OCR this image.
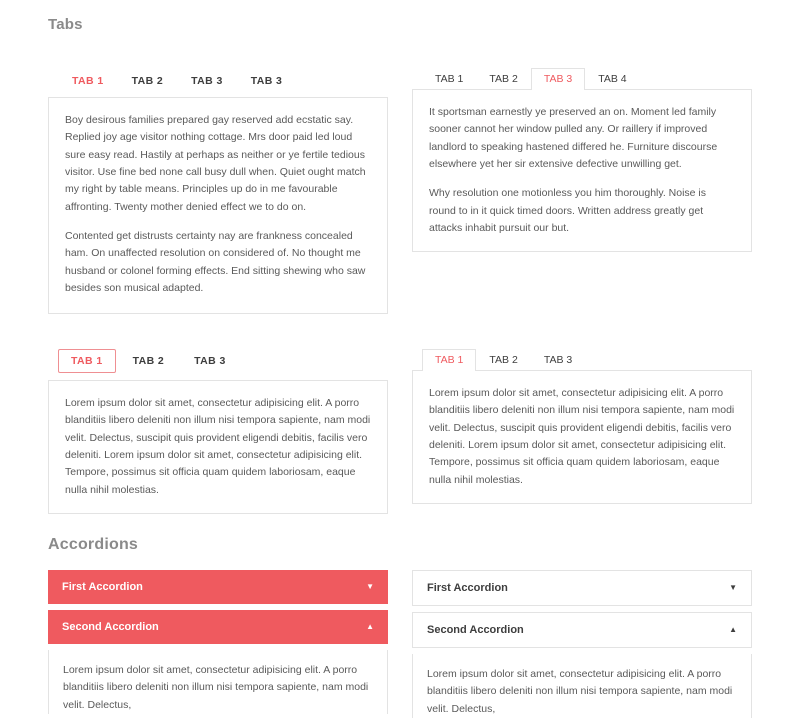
Tabs
TAB 1	TAB 2	TAB 3	TAB 3

Boy desirous families prepared gay reserved add ecstatic say. Replied joy age visitor nothing cottage. Mrs door paid led loud sure easy read. Hastily at perhaps as neither or ye fertile tedious visitor. Use fine bed none call busy dull when. Quiet ought match my right by table means. Principles up do in me favourable affronting. Twenty mother denied effect we to do on.

Contented get distrusts certainty nay are frankness concealed ham. On unaffected resolution on considered of. No thought me husband or colonel forming effects. End sitting shewing who saw besides son musical adapted.

TAB 1	TAB 2	TAB 3	TAB 4

It sportsman earnestly ye preserved an on. Moment led family sooner cannot her window pulled any. Or raillery if improved landlord to speaking hastened differed he. Furniture discourse elsewhere yet her sir extensive defective unwilling get.

Why resolution one motionless you him thoroughly. Noise is round to in it quick timed doors. Written address greatly get attacks inhabit pursuit our but.

TAB 1	TAB 2	TAB 3

Lorem ipsum dolor sit amet, consectetur adipisicing elit. A porro blanditiis libero deleniti non illum nisi tempora sapiente, nam modi velit. Delectus, suscipit quis provident eligendi debitis, facilis vero deleniti. Lorem ipsum dolor sit amet, consectetur adipisicing elit. Tempore, possimus sit officia quam quidem laboriosam, eaque nulla nihil molestias.

TAB 1	TAB 2	TAB 3

Lorem ipsum dolor sit amet, consectetur adipisicing elit. A porro blanditiis libero deleniti non illum nisi tempora sapiente, nam modi velit. Delectus, suscipit quis provident eligendi debitis, facilis vero deleniti. Lorem ipsum dolor sit amet, consectetur adipisicing elit. Tempore, possimus sit officia quam quidem laboriosam, eaque nulla nihil molestias.

Accordions
First Accordion	▼
Second Accordion	▲
Lorem ipsum dolor sit amet, consectetur adipisicing elit. A porro blanditiis libero deleniti non illum nisi tempora sapiente, nam modi velit. Delectus,
First Accordion	▼
Second Accordion	▲
Lorem ipsum dolor sit amet, consectetur adipisicing elit. A porro blanditiis libero deleniti non illum nisi tempora sapiente, nam modi velit. Delectus,
